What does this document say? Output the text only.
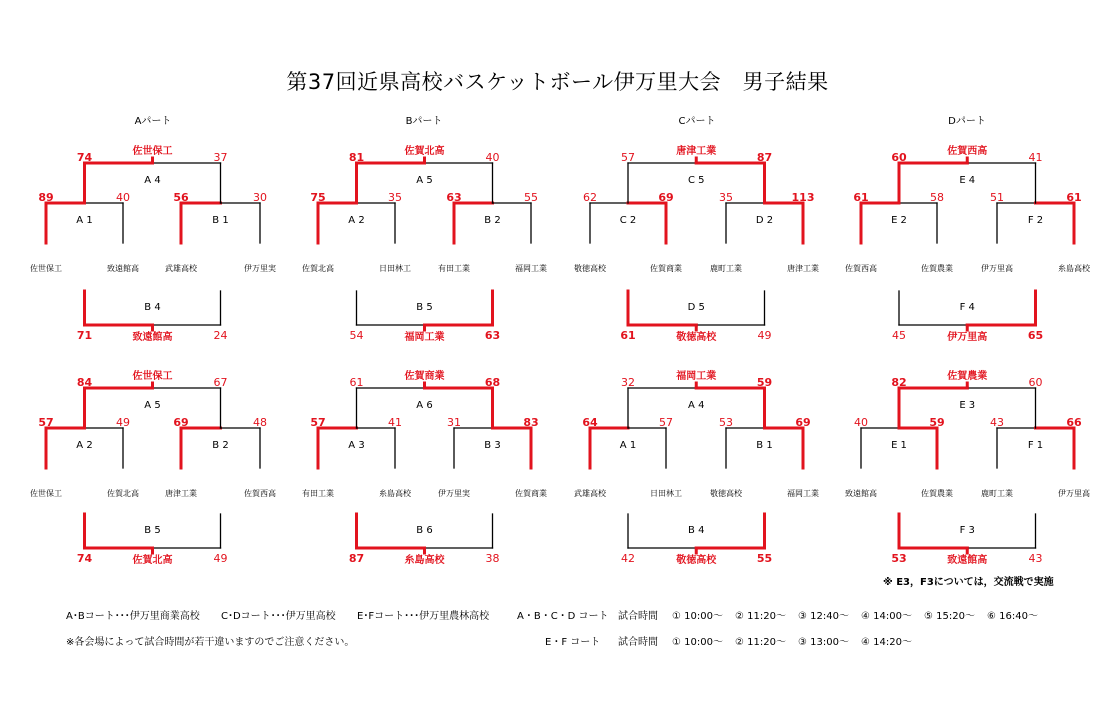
第37回近県高校バスケットボール伊万里大会　男子結果
Aパート	Bパート	Cパート	Dパート
佐世保工
A 4
74	37
89	40
A 1
56	30
B 1
佐世保工	致遠館高	武雄高校	伊万里実
B 4
71	24
致遠館高
佐世保工
A 5
84	67
57	49
A 2
69	48
B 2
佐世保工	佐賀北高	唐津工業	佐賀西高
B 5
74	49
佐賀北高
佐賀北高
A 5
81	40
75	35
A 2
63	55
B 2
佐賀北高	日田林工	有田工業	福岡工業
B 5
54	63
福岡工業
佐賀商業
A 6
61	68
57	41
A 3
31	83
B 3
有田工業	糸島高校	伊万里実	佐賀商業
B 6
87	38
糸島高校
唐津工業
C 5
57	87
62	69
C 2
35	113
D 2
敬徳高校	佐賀商業	鹿町工業	唐津工業
D 5
61	49
敬徳高校
福岡工業
A 4
32	59
64	57
A 1
53	69
B 1
武雄高校	日田林工	敬徳高校	福岡工業
B 4
42	55
敬徳高校
佐賀西高
E 4
60	41
61	58
E 2
51	61
F 2
佐賀西高	佐賀農業	伊万里高	糸島高校
F 4
45	65
伊万里高
佐賀農業
E 3
82	60
40	59
E 1
43	66
F 1
致遠館高	佐賀農業	鹿町工業	伊万里高
F 3
53	43
致遠館高
※ E3，F3については，交流戦で実施
A･Bコート･･･伊万里商業高校 C･Dコート･･･伊万里高校 E･Fコート･･･伊万里農林高校
※各会場によって試合時間が若干違いますのでご注意ください。
A・B・C・D コート 試合時間 ① 10:00～ ② 11:20～ ③ 12:40～ ④ 14:00～ ⑤ 15:20～ ⑥ 16:40～
E・F コート 試合時間 ① 10:00～ ② 11:20～ ③ 13:00～ ④ 14:20～
